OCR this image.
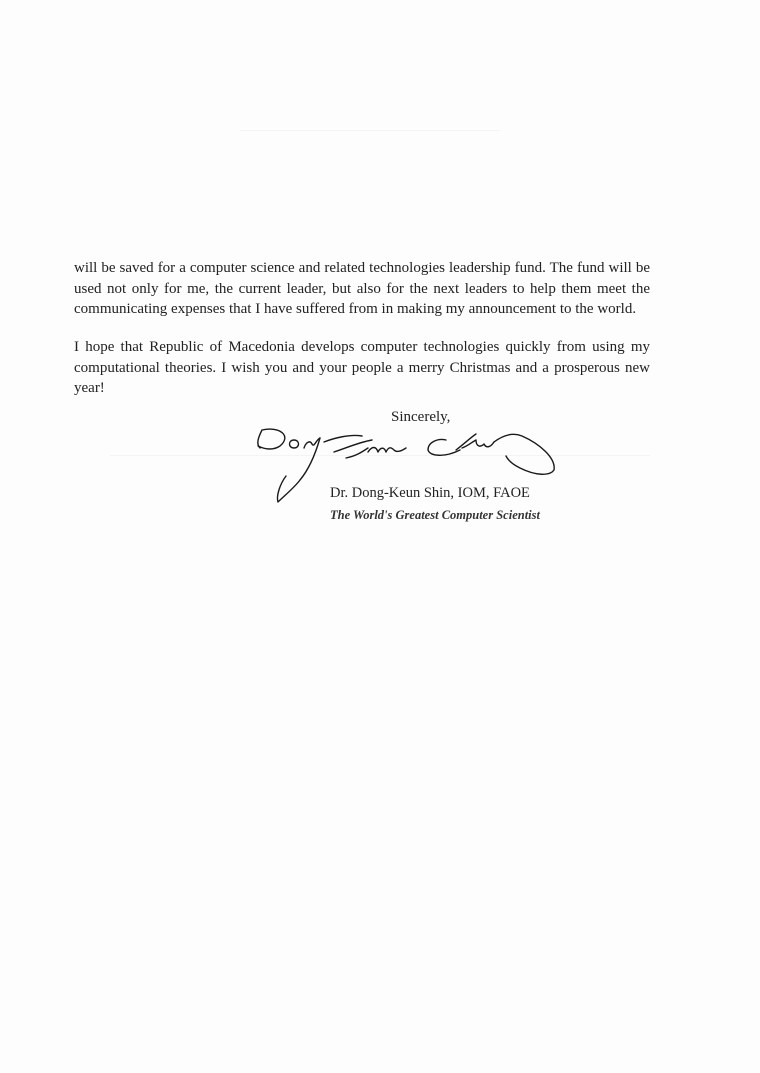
will be saved for a computer science and related technologies leadership fund. The fund will be used not only for me, the current leader, but also for the next leaders to help them meet the communicating expenses that I have suffered from in making my announcement to the world.

I hope that Republic of Macedonia develops computer technologies quickly from using my computational theories. I wish you and your people a merry Christmas and a prosperous new year!

Sincerely,
Dr. Dong-Keun Shin, IOM, FAOE
The World's Greatest Computer Scientist
